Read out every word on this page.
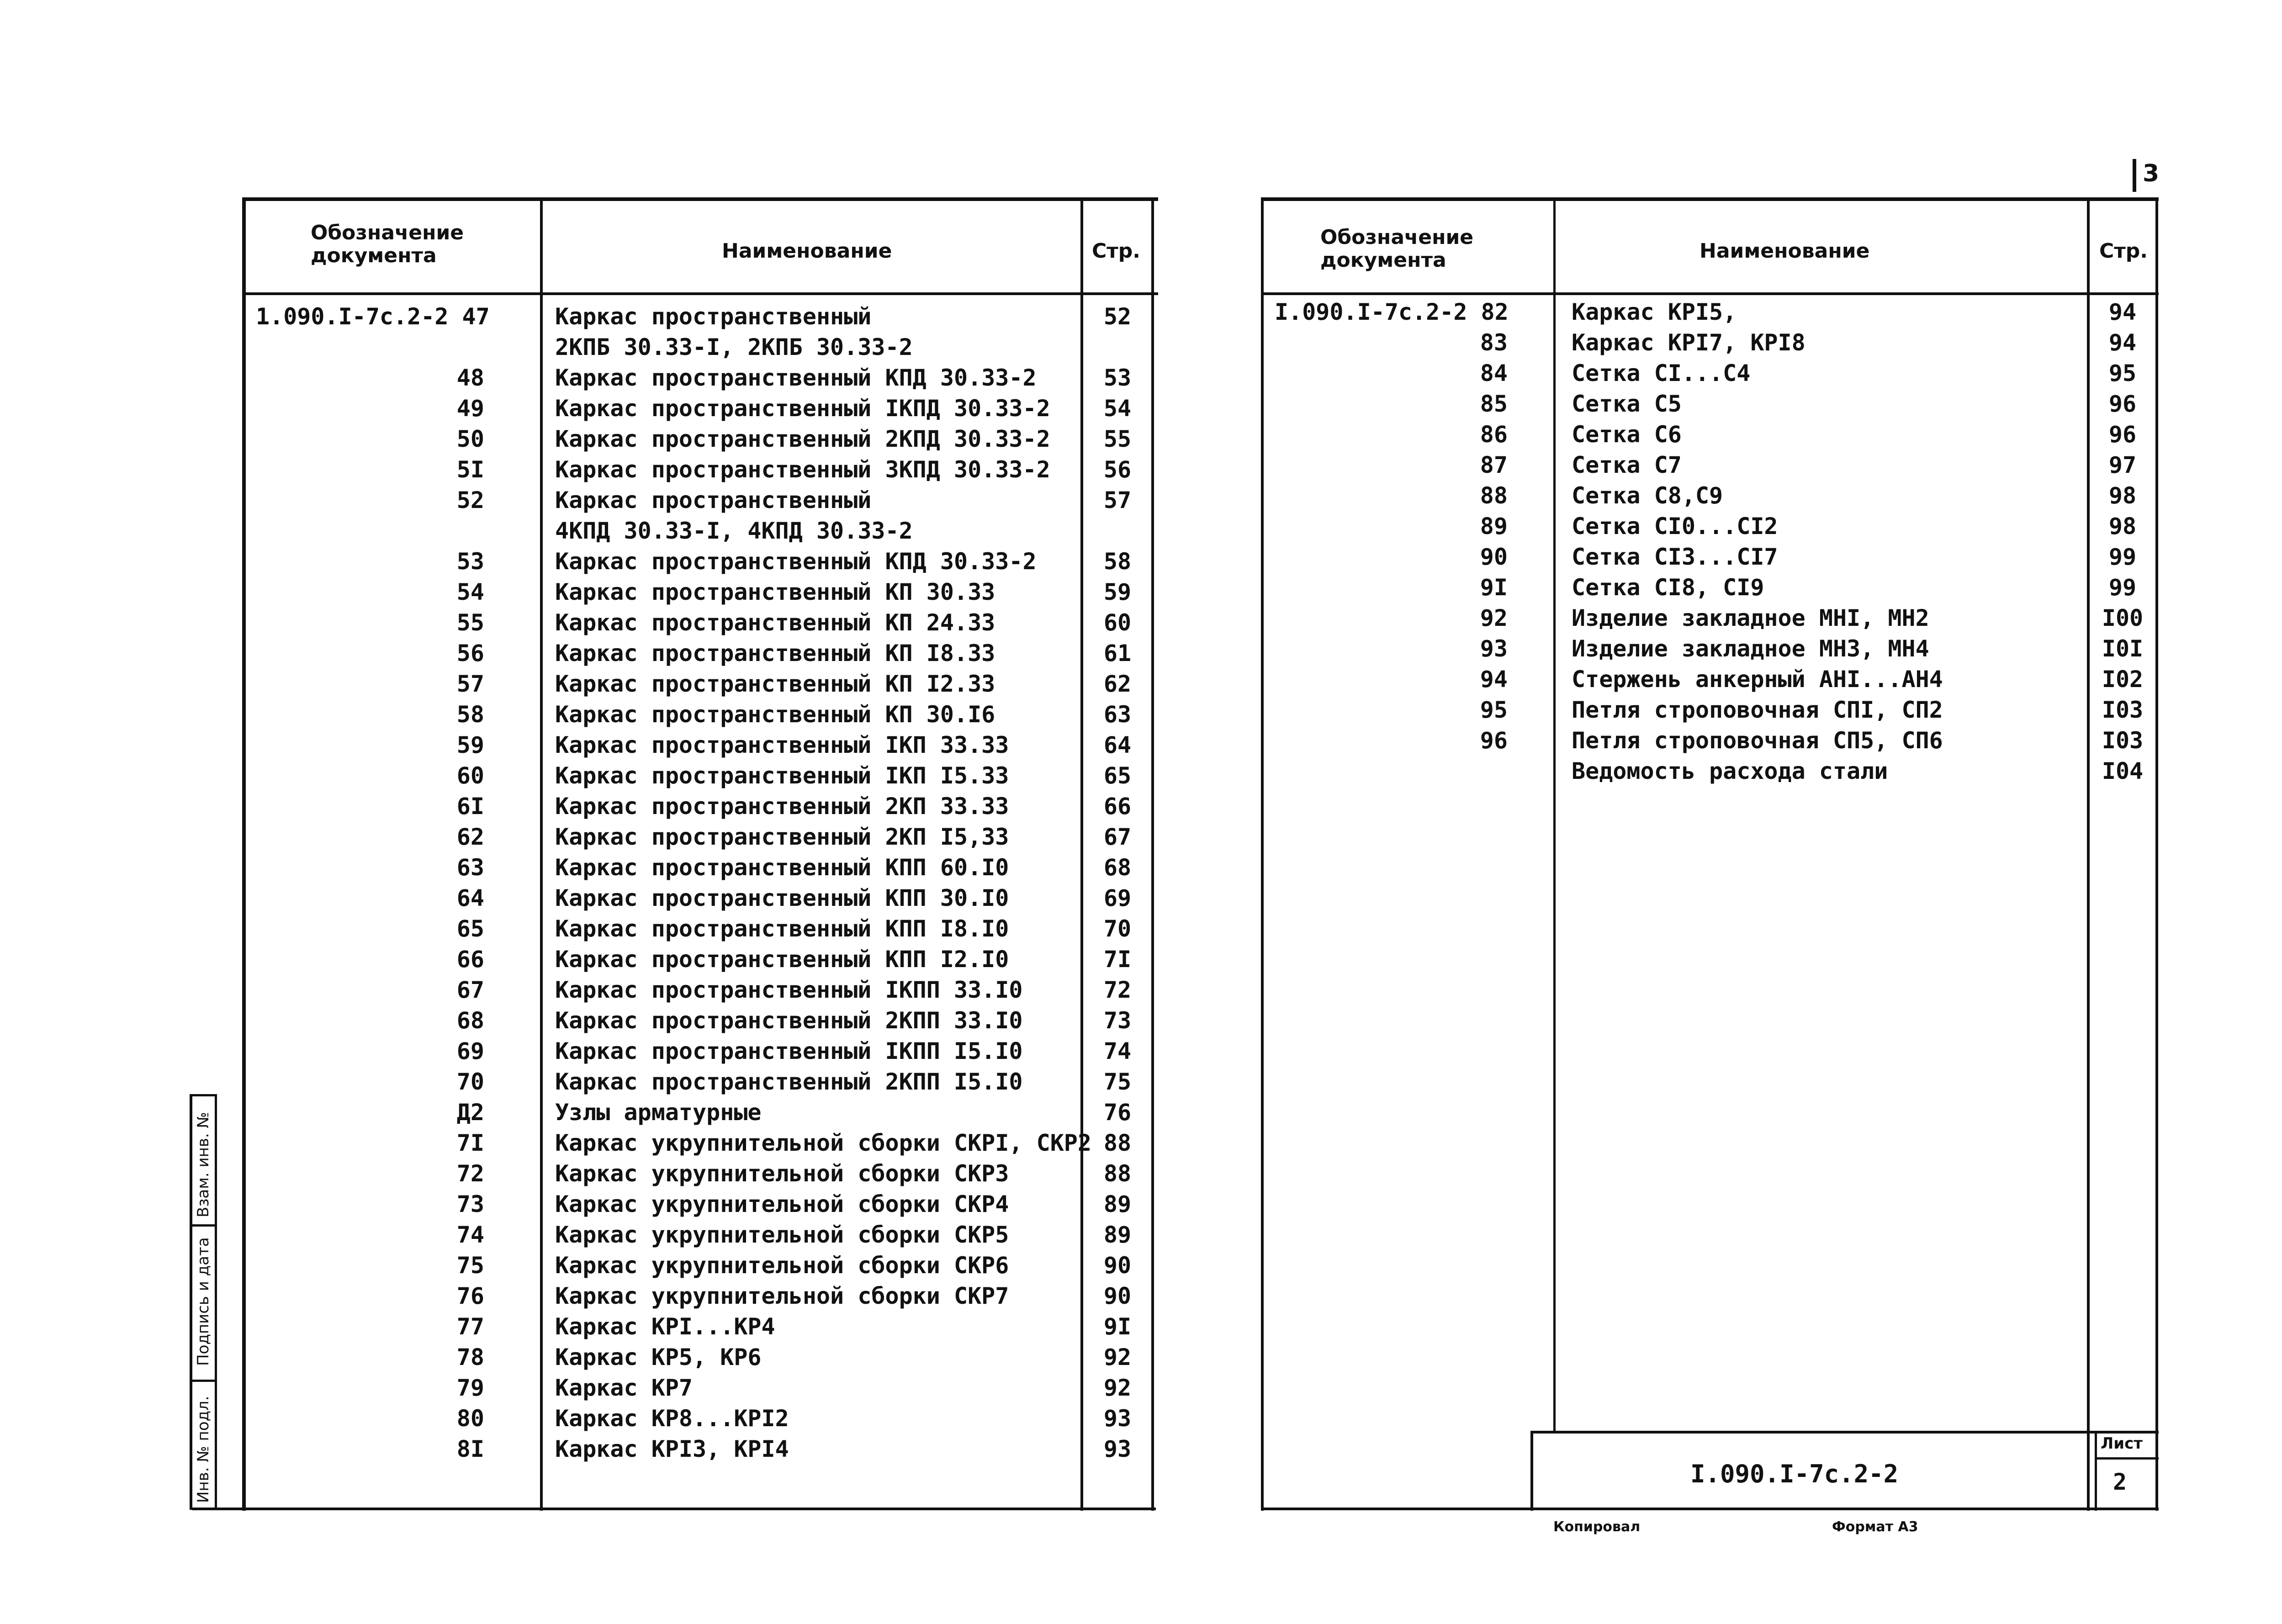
3
Обозначение
документа	Наименование	Стр.
1.090.I-7c.2-2 47	Каркас пространственный	52
2КПБ 30.33-I, 2КПБ 30.33-2
48	Каркас пространственный КПД 30.33-2	53
49	Каркас пространственный IКПД 30.33-2	54
50	Каркас пространственный 2КПД 30.33-2	55
5I	Каркас пространственный 3КПД 30.33-2	56
52	Каркас пространственный	57
4КПД 30.33-I, 4КПД 30.33-2
53	Каркас пространственный КПД 30.33-2	58
54	Каркас пространственный КП 30.33	59
55	Каркас пространственный КП 24.33	60
56	Каркас пространственный КП I8.33	61
57	Каркас пространственный КП I2.33	62
58	Каркас пространственный КП 30.I6	63
59	Каркас пространственный IКП 33.33	64
60	Каркас пространственный IКП I5.33	65
6I	Каркас пространственный 2КП 33.33	66
62	Каркас пространственный 2КП I5,33	67
63	Каркас пространственный КПП 60.I0	68
64	Каркас пространственный КПП 30.I0	69
65	Каркас пространственный КПП I8.I0	70
66	Каркас пространственный КПП I2.I0	7I
67	Каркас пространственный IКПП 33.I0	72
68	Каркас пространственный 2КПП 33.I0	73
69	Каркас пространственный IКПП I5.I0	74
70	Каркас пространственный 2КПП I5.I0	75
Д2	Узлы арматурные	76
7I	Каркас укрупнительной сборки СКРI, СКР2 88
72	Каркас укрупнительной сборки СКР3	88
73	Каркас укрупнительной сборки СКР4	89
74	Каркас укрупнительной сборки СКР5	89
75	Каркас укрупнительной сборки СКР6	90
76	Каркас укрупнительной сборки СКР7	90
77	Каркас КРI...КР4	9I
78	Каркас КР5, КР6	92
79	Каркас КР7	92
80	Каркас КР8...КРI2	93
8I	Каркас КРI3, КРI4	93
Обозначение
документа	Наименование	Стр.
I.090.I-7c.2-2 82	Каркас КРI5,	94
83	Каркас КРI7, КРI8	94
84	Сетка СI...С4	95
85	Сетка С5	96
86	Сетка С6	96
87	Сетка С7	97
88	Сетка С8,С9	98
89	Сетка СI0...СI2	98
90	Сетка СI3...СI7	99
9I	Сетка СI8, СI9	99
92	Изделие закладное МНI, МН2	I00
93	Изделие закладное МН3, МН4	I0I
94	Стержень анкерный АНI...АН4	I02
95	Петля строповочная СПI, СП2	I03
96	Петля строповочная СП5, СП6	I03
Ведомость расхода стали	I04
I.090.I-7c.2-2
Лист
2
Инв. № подл.
Подпись и дата
Взам. инв. №
Копировал	Формат А3
